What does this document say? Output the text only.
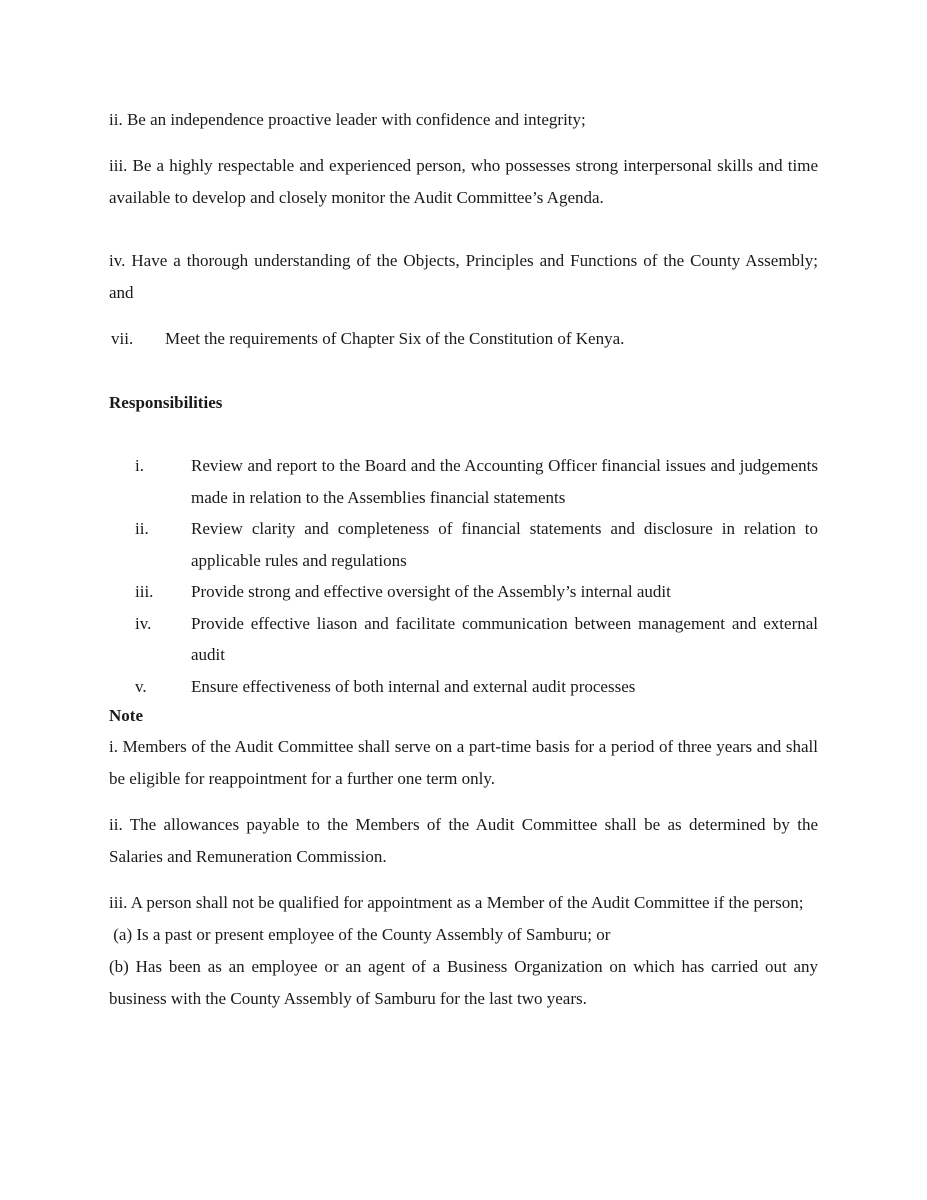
ii. Be an independence proactive leader with confidence and integrity;

iii. Be a highly respectable and experienced person, who possesses strong interpersonal skills and time available to develop and closely monitor the Audit Committee’s Agenda.

iv. Have a thorough understanding of the Objects, Principles and Functions of the County Assembly; and

vii. Meet the requirements of Chapter Six of the Constitution of Kenya.

Responsibilities

i.	Review and report to the Board and the Accounting Officer financial issues and judgements made in relation to the Assemblies financial statements
ii. Review clarity and completeness of financial statements and disclosure in relation to applicable rules and regulations
iii. Provide strong and effective oversight of the Assembly’s internal audit
iv. Provide effective liason and facilitate communication between management and external audit
v.	Ensure effectiveness of both internal and external audit processes

Note

i. Members of the Audit Committee shall serve on a part-time basis for a period of three years and shall be eligible for reappointment for a further one term only.

ii. The allowances payable to the Members of the Audit Committee shall be as determined by the Salaries and Remuneration Commission.

iii. A person shall not be qualified for appointment as a Member of the Audit Committee if the person;
(a) Is a past or present employee of the County Assembly of Samburu; or
(b) Has been as an employee or an agent of a Business Organization on which has carried out any business with the County Assembly of Samburu for the last two years.
